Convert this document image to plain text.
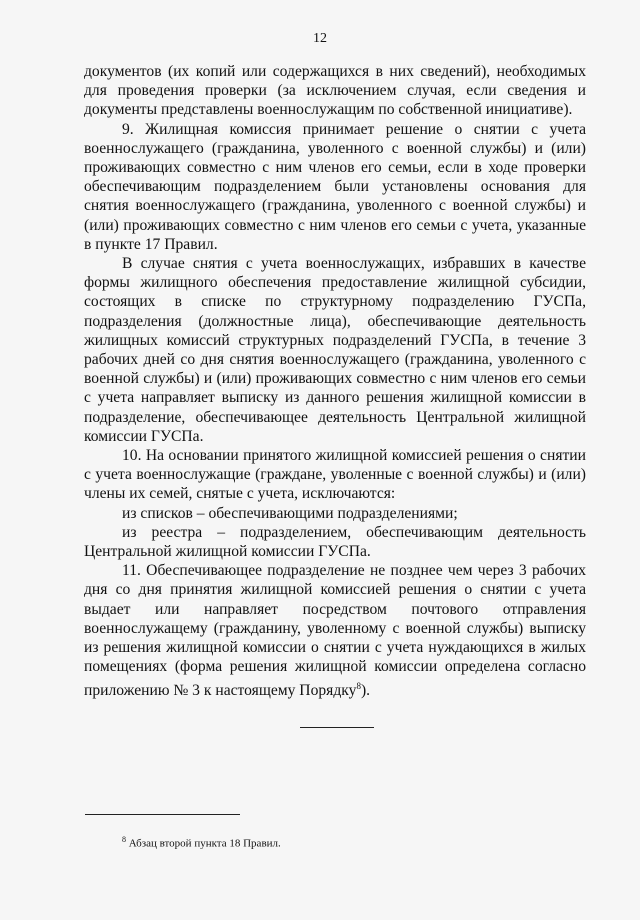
12

документов (их копий или содержащихся в них сведений), необходимых для проведения проверки (за исключением случая, если сведения и документы представлены военнослужащим по собственной инициативе).

9. Жилищная комиссия принимает решение о снятии с учета военнослужащего (гражданина, уволенного с военной службы) и (или) проживающих совместно с ним членов его семьи, если в ходе проверки обеспечивающим подразделением были установлены основания для снятия военнослужащего (гражданина, уволенного с военной службы) и (или) проживающих совместно с ним членов его семьи с учета, указанные в пункте 17 Правил.

В случае снятия с учета военнослужащих, избравших в качестве формы жилищного обеспечения предоставление жилищной субсидии, состоящих в списке по структурному подразделению ГУСПа, подразделения (должностные лица), обеспечивающие деятельность жилищных комиссий структурных подразделений ГУСПа, в течение 3 рабочих дней со дня снятия военнослужащего (гражданина, уволенного с военной службы) и (или) проживающих совместно с ним членов его семьи с учета направляет выписку из данного решения жилищной комиссии в подразделение, обеспечивающее деятельность Центральной жилищной комиссии ГУСПа.

10. На основании принятого жилищной комиссией решения о снятии с учета военнослужащие (граждане, уволенные с военной службы) и (или) члены их семей, снятые с учета, исключаются:

из списков – обеспечивающими подразделениями;

из реестра – подразделением, обеспечивающим деятельность Центральной жилищной комиссии ГУСПа.

11. Обеспечивающее подразделение не позднее чем через 3 рабочих дня со дня принятия жилищной комиссией решения о снятии с учета выдает или направляет посредством почтового отправления военнослужащему (гражданину, уволенному с военной службы) выписку из решения жилищной комиссии о снятии с учета нуждающихся в жилых помещениях (форма решения жилищной комиссии определена согласно приложению № 3 к настоящему Порядку$^8$).

$^8$ Абзац второй пункта 18 Правил.
